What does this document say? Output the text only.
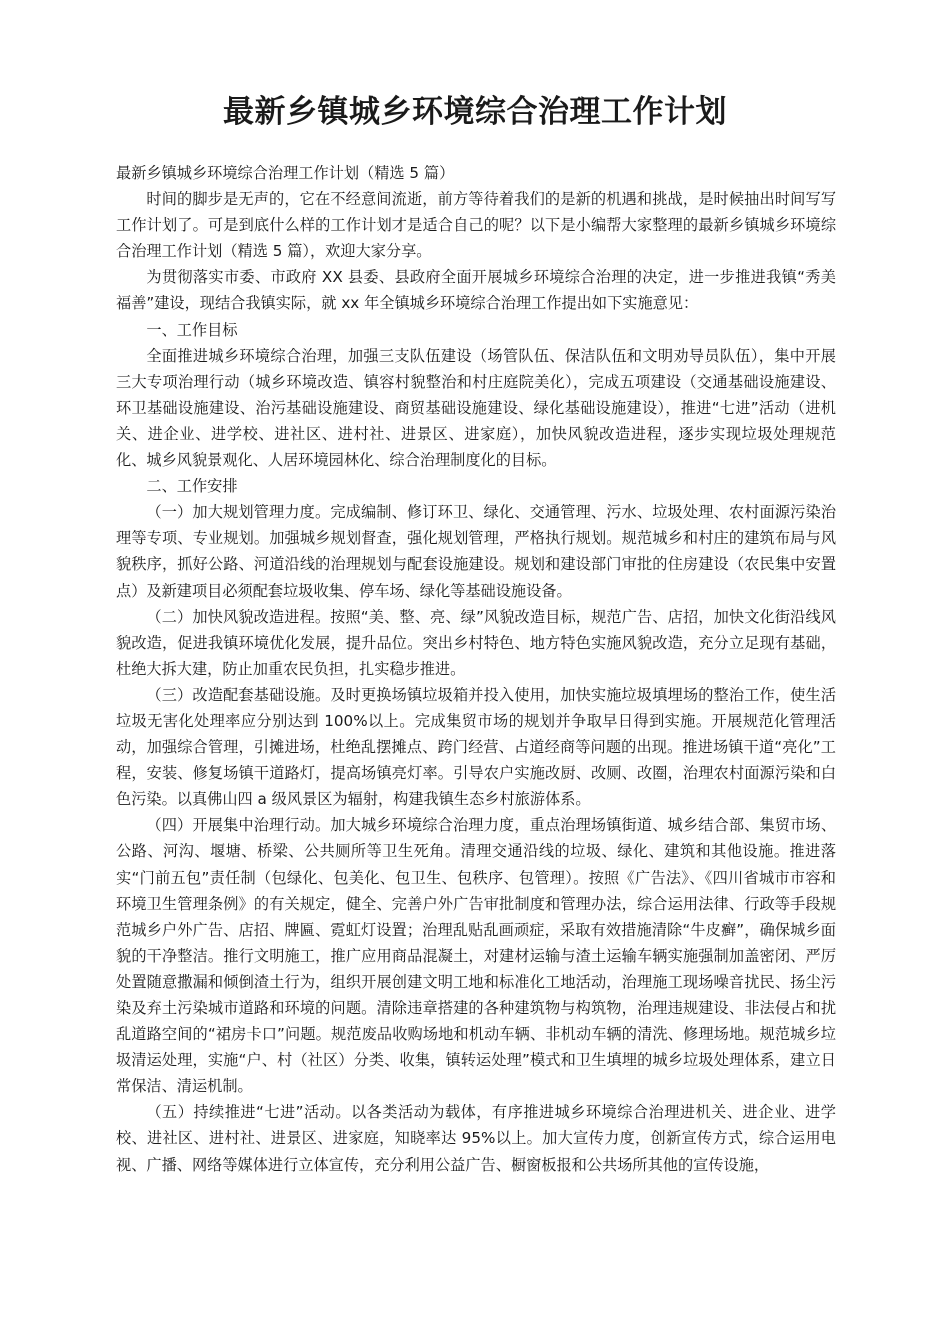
最新乡镇城乡环境综合治理工作计划

最新乡镇城乡环境综合治理工作计划（精选 5 篇）

时间的脚步是无声的，它在不经意间流逝，前方等待着我们的是新的机遇和挑战，是时候抽出时间写写工作计划了。可是到底什么样的工作计划才是适合自己的呢？以下是小编帮大家整理的最新乡镇城乡环境综合治理工作计划（精选 5 篇），欢迎大家分享。

为贯彻落实市委、市政府 XX 县委、县政府全面开展城乡环境综合治理的决定，进一步推进我镇“秀美福善”建设，现结合我镇实际，就 xx 年全镇城乡环境综合治理工作提出如下实施意见：

一、工作目标

全面推进城乡环境综合治理，加强三支队伍建设（场管队伍、保洁队伍和文明劝导员队伍），集中开展三大专项治理行动（城乡环境改造、镇容村貌整治和村庄庭院美化），完成五项建设（交通基础设施建设、环卫基础设施建设、治污基础设施建设、商贸基础设施建设、绿化基础设施建设），推进“七进”活动（进机关、进企业、进学校、进社区、进村社、进景区、进家庭），加快风貌改造进程，逐步实现垃圾处理规范化、城乡风貌景观化、人居环境园林化、综合治理制度化的目标。

二、工作安排

（一）加大规划管理力度。完成编制、修订环卫、绿化、交通管理、污水、垃圾处理、农村面源污染治理等专项、专业规划。加强城乡规划督查，强化规划管理，严格执行规划。规范城乡和村庄的建筑布局与风貌秩序，抓好公路、河道沿线的治理规划与配套设施建设。规划和建设部门审批的住房建设（农民集中安置点）及新建项目必须配套垃圾收集、停车场、绿化等基础设施设备。

（二）加快风貌改造进程。按照“美、整、亮、绿”风貌改造目标，规范广告、店招，加快文化街沿线风貌改造，促进我镇环境优化发展，提升品位。突出乡村特色、地方特色实施风貌改造，充分立足现有基础，杜绝大拆大建，防止加重农民负担，扎实稳步推进。

（三）改造配套基础设施。及时更换场镇垃圾箱并投入使用，加快实施垃圾填埋场的整治工作，使生活垃圾无害化处理率应分别达到 100%以上。完成集贸市场的规划并争取早日得到实施。开展规范化管理活动，加强综合管理，引摊进场，杜绝乱摆摊点、跨门经营、占道经商等问题的出现。推进场镇干道“亮化”工程，安装、修复场镇干道路灯，提高场镇亮灯率。引导农户实施改厨、改厕、改圈，治理农村面源污染和白色污染。以真佛山四 a 级风景区为辐射，构建我镇生态乡村旅游体系。

（四）开展集中治理行动。加大城乡环境综合治理力度，重点治理场镇街道、城乡结合部、集贸市场、公路、河沟、堰塘、桥梁、公共厕所等卫生死角。清理交通沿线的垃圾、绿化、建筑和其他设施。推进落实“门前五包”责任制（包绿化、包美化、包卫生、包秩序、包管理）。按照《广告法》、《四川省城市市容和环境卫生管理条例》的有关规定，健全、完善户外广告审批制度和管理办法，综合运用法律、行政等手段规范城乡户外广告、店招、牌匾、霓虹灯设置；治理乱贴乱画顽症，采取有效措施清除“牛皮癣”，确保城乡面貌的干净整洁。推行文明施工，推广应用商品混凝土，对建材运输与渣土运输车辆实施强制加盖密闭、严厉处置随意撒漏和倾倒渣土行为，组织开展创建文明工地和标准化工地活动，治理施工现场噪音扰民、扬尘污染及弃土污染城市道路和环境的问题。清除违章搭建的各种建筑物与构筑物，治理违规建设、非法侵占和扰乱道路空间的“裙房卡口”问题。规范废品收购场地和机动车辆、非机动车辆的清洗、修理场地。规范城乡垃圾清运处理，实施“户、村（社区）分类、收集，镇转运处理”模式和卫生填埋的城乡垃圾处理体系，建立日常保洁、清运机制。

（五）持续推进“七进”活动。以各类活动为载体，有序推进城乡环境综合治理进机关、进企业、进学校、进社区、进村社、进景区、进家庭，知晓率达 95%以上。加大宣传力度，创新宣传方式，综合运用电视、广播、网络等媒体进行立体宣传，充分利用公益广告、橱窗板报和公共场所其他的宣传设施，
